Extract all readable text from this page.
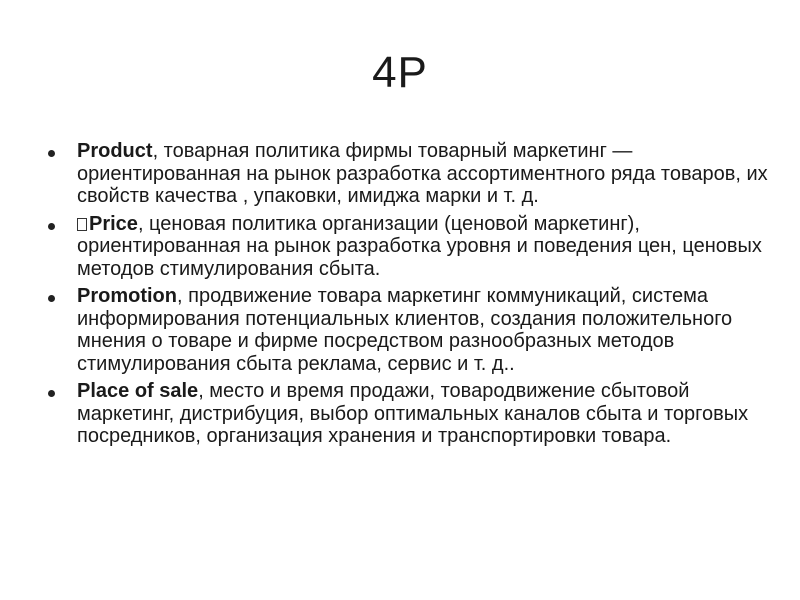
4P
Product, товарная политика фирмы товарный маркетинг — ориентированная на рынок разработка ассортиментного ряда товаров, их свойств качества , упаковки, имиджа марки и т. д.
Price, ценовая политика организации (ценовой маркетинг), ориентированная на рынок разработка уровня и поведения цен, ценовых методов стимулирования сбыта.
Promotion, продвижение товара маркетинг коммуникаций, система информирования потенциальных клиентов, создания положительного мнения о товаре и фирме посредством разнообразных методов стимулирования сбыта реклама, сервис и т. д..
Place of sale, место и время продажи, товародвижение сбытовой маркетинг, дистрибуция, выбор оптимальных каналов сбыта и торговых посредников, организация хранения и транспортировки товара.
